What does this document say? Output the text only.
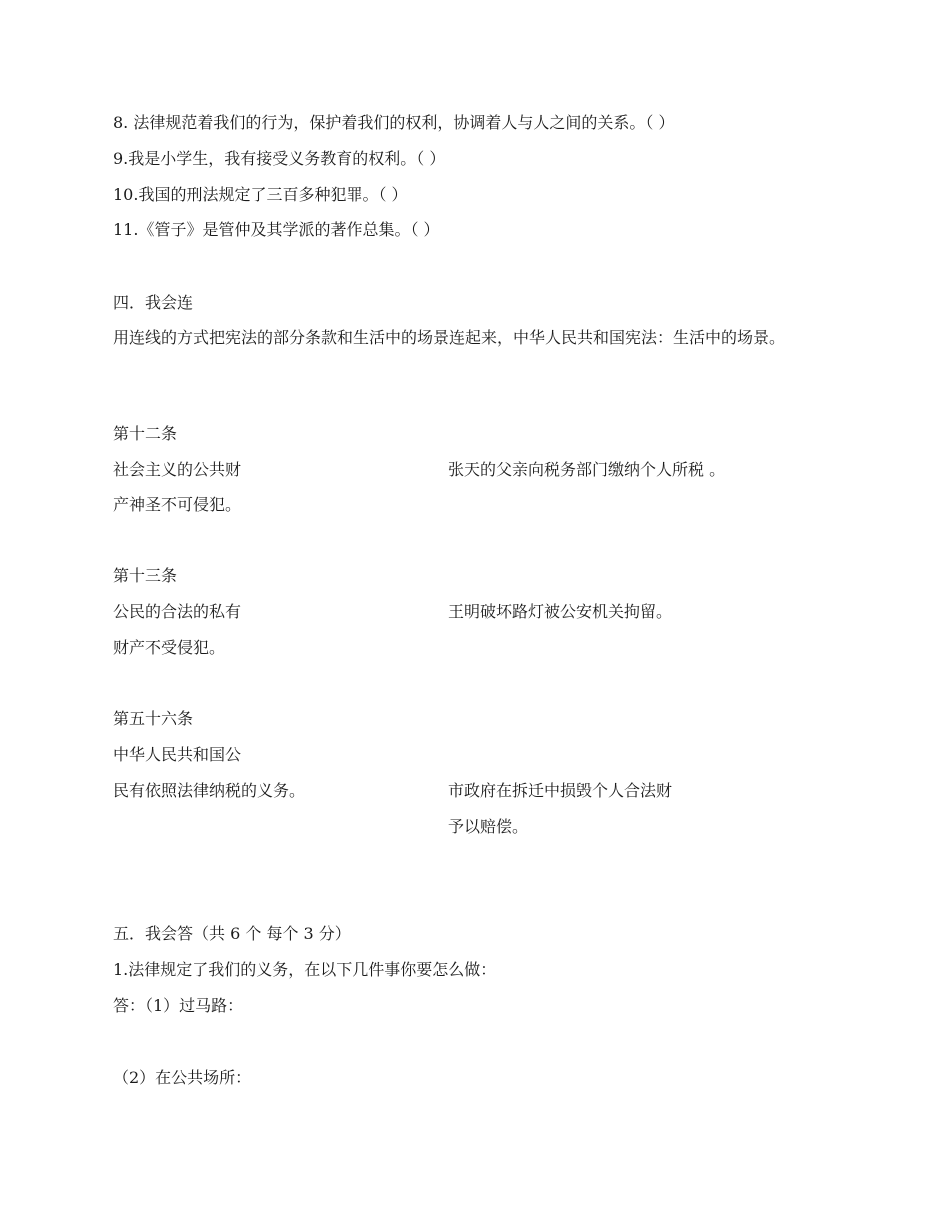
8. 法律规范着我们的行为，保护着我们的权利，协调着人与人之间的关系。（ ）
9.我是小学生，我有接受义务教育的权利。（ ）
10.我国的刑法规定了三百多种犯罪。（ ）
11.《管子》是管仲及其学派的著作总集。（ ）
四．我会连
用连线的方式把宪法的部分条款和生活中的场景连起来，中华人民共和国宪法：生活中的场景。
第十二条
社会主义的公共财
产神圣不可侵犯。
张天的父亲向税务部门缴纳个人所税 。
第十三条
公民的合法的私有
财产不受侵犯。
王明破坏路灯被公安机关拘留。
第五十六条
中华人民共和国公
民有依照法律纳税的义务。	市政府在拆迁中损毁个人合法财
予以赔偿。
五．我会答（共 6 个 每个 3 分）
1.法律规定了我们的义务，在以下几件事你要怎么做：
答：（1）过马路：
（2）在公共场所：
